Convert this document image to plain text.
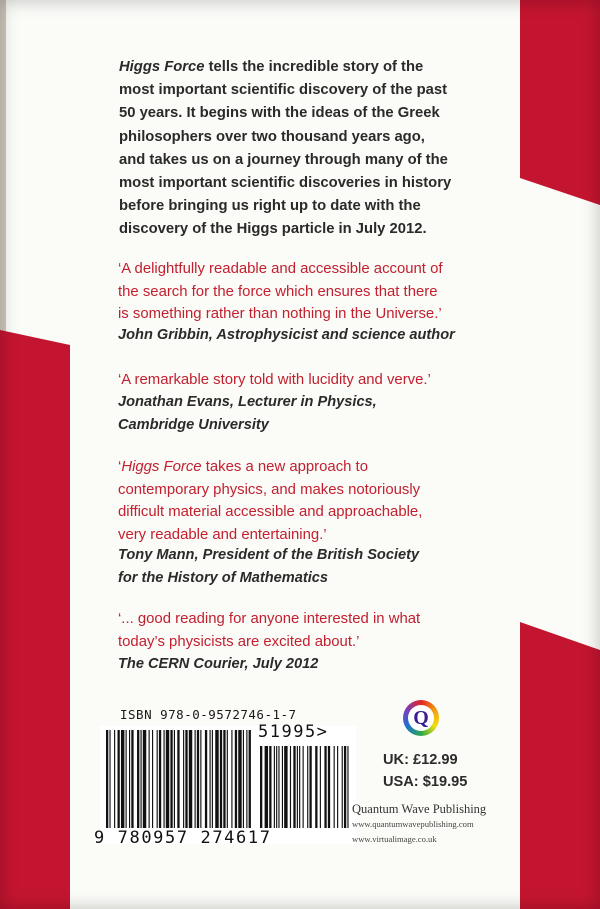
Higgs Force tells the incredible story of the
most important scientific discovery of the past
50 years. It begins with the ideas of the Greek
philosophers over two thousand years ago,
and takes us on a journey through many of the
most important scientific discoveries in history
before bringing us right up to date with the
discovery of the Higgs particle in July 2012.
‘A delightfully readable and accessible account of
the search for the force which ensures that there
is something rather than nothing in the Universe.’
John Gribbin, Astrophysicist and science author
‘A remarkable story told with lucidity and verve.’
Jonathan Evans, Lecturer in Physics,
Cambridge University
‘Higgs Force takes a new approach to
contemporary physics, and makes notoriously
difficult material accessible and approachable,
very readable and entertaining.’
Tony Mann, President of the British Society
for the History of Mathematics
‘... good reading for anyone interested in what
today’s physicists are excited about.’
The CERN Courier, July 2012
ISBN 978-0-9572746-1-7
51995>
9 780957 274617
Q
UK: £12.99
USA: $19.95
Quantum Wave Publishing
www.quantumwavepublishing.com
www.virtualimage.co.uk
